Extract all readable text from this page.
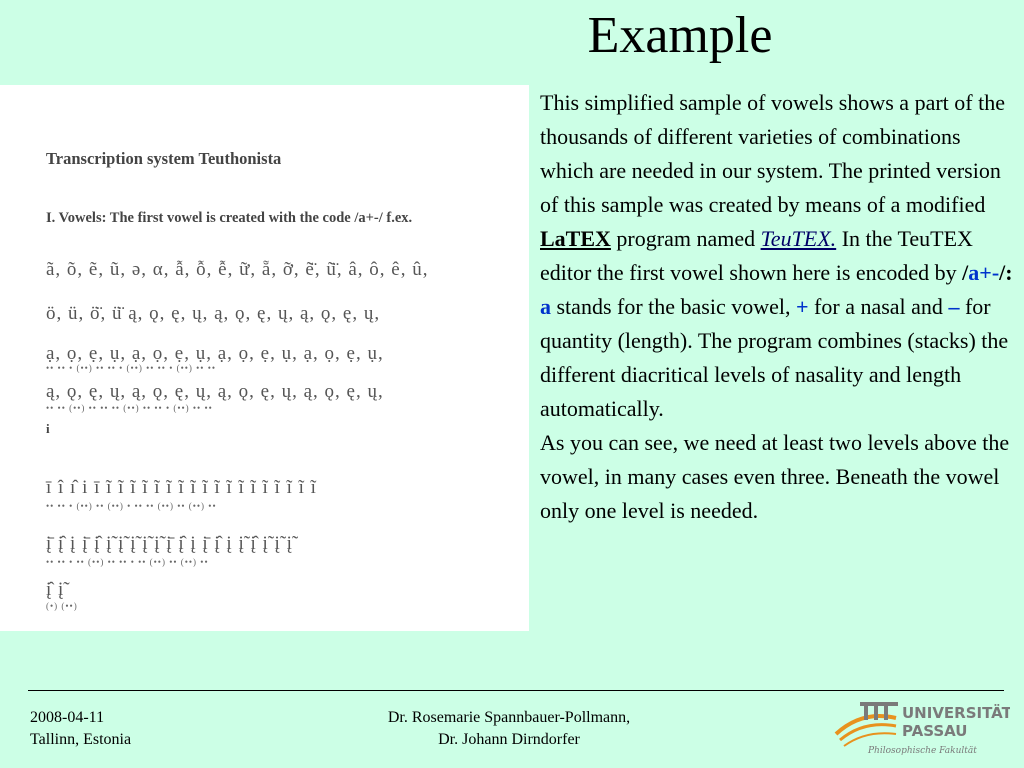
Example
Transcription system Teuthonista
I. Vowels: The first vowel is created with the code /a+-/ f.ex.
ã, õ, ẽ, ũ, ə, α, ẫ, ỗ, ễ, ữ, ẵ, ỡ, ẽ̈, ũ̈, â, ô, ê, û,
ö, ü, ö̈, ü̈ ą, ǫ, ę, ų, ą, ǫ, ę, ų, ą, ǫ, ę, ų,
ạ, ọ, ẹ, ụ, ạ, ọ, ẹ, ụ, ạ, ọ, ẹ, ụ, ạ, ọ, ẹ, ụ,
•• •• • (••) •• •• • (••) •• •• • (••) •• ••
ą, ǫ, ę, ų, ą, ǫ, ę, ų, ą, ǫ, ę, ų, ą, ǫ, ę, ų,
•• •• (••) •• •• •• (••) •• •• • (••) •• ••
i
ī î ı̂ i ī ĩ ĩ ĩ ĩ ĩ ĩ ĩ ĩ ĩ ĩ ĩ ĩ ĩ ĩ ĩ ĩ ĩ ĩ
•• •• • (••) •• (••) • •• •• (••) •• (••) ••
į̄ į̂ į į̄ į̂ į̃ į̃ į̃ į̃ į̃ į̄ į̂ į į̄ į̂ į į̃ į̂ į̃ į̃ į̃
•• •• • •• (••) •• •• • •• (••) •• (••) ••
į̂ į̃
(•) (••)

This simplified sample of vowels shows a part of the thousands of different varieties of combinations which are needed in our system. The printed version of this sample was created by means of a modified LaTEX program named TeuTEX. In the TeuTEX editor the first vowel shown here is encoded by /a+-/: a stands for the basic vowel, + for a nasal and – for quantity (length). The program combines (stacks) the different diacritical levels of nasality and length automatically.

As you can see, we need at least two levels above the vowel, in many cases even three. Beneath the vowel only one level is needed.

2008-04-11
Tallinn, Estonia
Dr. Rosemarie Spannbauer-Pollmann,
Dr. Johann Dirndorfer
UNIVERSITÄT
PASSAU
Philosophische Fakultät
